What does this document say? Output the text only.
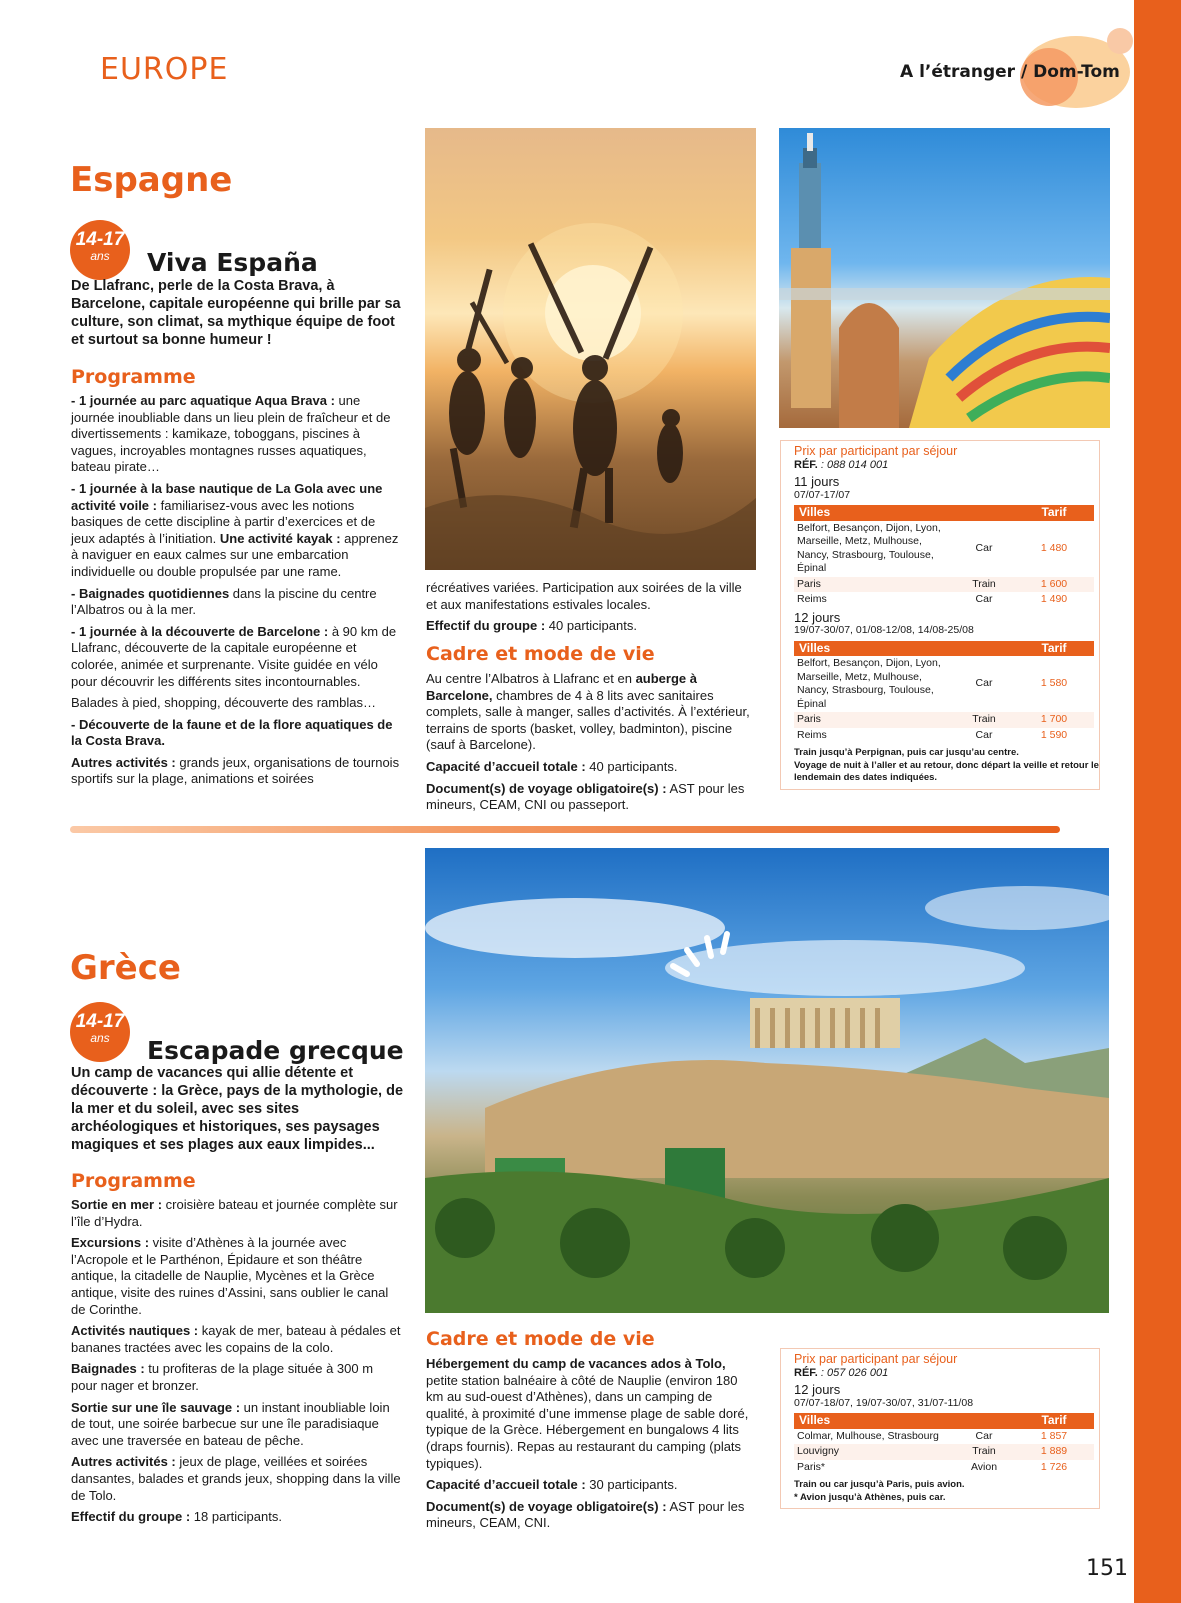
EUROPE	A l’étranger / Dom-Tom
Espagne
14-17
ans	Viva España
De Llafranc, perle de la Costa Brava, à Barcelone, capitale européenne qui brille par sa culture, son climat, sa mythique équipe de foot et surtout sa bonne humeur !
Programme

- 1 journée au parc aquatique Aqua Brava : une journée inoubliable dans un lieu plein de fraîcheur et de divertissements : kamikaze, toboggans, piscines à vagues, incroyables montagnes russes aquatiques, bateau pirate…

- 1 journée à la base nautique de La Gola avec une activité voile : familiarisez-vous avec les notions basiques de cette discipline à partir d’exercices et de jeux adaptés à l’initiation. Une activité kayak : apprenez à naviguer en eaux calmes sur une embarcation individuelle ou double propulsée par une rame.

- Baignades quotidiennes dans la piscine du centre l’Albatros ou à la mer.

- 1 journée à la découverte de Barcelone : à 90 km de Llafranc, découverte de la capitale européenne et colorée, animée et surprenante. Visite guidée en vélo pour découvrir les différents sites incontournables.

Balades à pied, shopping, découverte des ramblas…

- Découverte de la faune et de la flore aquatiques de la Costa Brava.

Autres activités : grands jeux, organisations de tournois sportifs sur la plage, animations et soirées

récréatives variées. Participation aux soirées de la ville et aux manifestations estivales locales.

Effectif du groupe : 40 participants.

Cadre et mode de vie

Au centre l’Albatros à Llafranc et en auberge à Barcelone, chambres de 4 à 8 lits avec sanitaires complets, salle à manger, salles d’activités. À l’extérieur, terrains de sports (basket, volley, badminton), piscine (sauf à Barcelone).

Capacité d’accueil totale : 40 participants.

Document(s) de voyage obligatoire(s) : AST pour les mineurs, CEAM, CNI ou passeport.

Prix par participant par séjour
RÉF. : 088 014 001
11 jours
07/07-17/07
Villes		Tarif
Belfort, Besançon, Dijon, Lyon, Marseille, Metz, Mulhouse, Nancy, Strasbourg, Toulouse, Épinal	Car	1 480
Paris	Train	1 600
Reims	Car	1 490
12 jours
19/07-30/07, 01/08-12/08, 14/08-25/08
Villes		Tarif
Belfort, Besançon, Dijon, Lyon, Marseille, Metz, Mulhouse, Nancy, Strasbourg, Toulouse, Épinal	Car	1 580
Paris	Train	1 700
Reims	Car	1 590
Train jusqu’à Perpignan, puis car jusqu’au centre.
Voyage de nuit à l’aller et au retour, donc départ la veille et retour le lendemain des dates indiquées.
Grèce
14-17
ans	Escapade grecque
Un camp de vacances qui allie détente et découverte : la Grèce, pays de la mythologie, de la mer et du soleil, avec ses sites archéologiques et historiques, ses paysages magiques et ses plages aux eaux limpides...
Programme

Sortie en mer : croisière bateau et journée complète sur l’île d’Hydra.

Excursions : visite d’Athènes à la journée avec l’Acropole et le Parthénon, Épidaure et son théâtre antique, la citadelle de Nauplie, Mycènes et la Grèce antique, visite des ruines d’Assini, sans oublier le canal de Corinthe.

Activités nautiques : kayak de mer, bateau à pédales et bananes tractées avec les copains de la colo.

Baignades : tu profiteras de la plage située à 300 m pour nager et bronzer.

Sortie sur une île sauvage : un instant inoubliable loin de tout, une soirée barbecue sur une île paradisiaque avec une traversée en bateau de pêche.

Autres activités : jeux de plage, veillées et soirées dansantes, balades et grands jeux, shopping dans la ville de Tolo.

Effectif du groupe : 18 participants.

Cadre et mode de vie

Hébergement du camp de vacances ados à Tolo, petite station balnéaire à côté de Nauplie (environ 180 km au sud-ouest d’Athènes), dans un camping de qualité, à proximité d’une immense plage de sable doré, typique de la Grèce. Hébergement en bungalows 4 lits (draps fournis). Repas au restaurant du camping (plats typiques).

Capacité d’accueil totale : 30 participants.

Document(s) de voyage obligatoire(s) : AST pour les mineurs, CEAM, CNI.

Prix par participant par séjour
RÉF. : 057 026 001
12 jours
07/07-18/07, 19/07-30/07, 31/07-11/08
Villes		Tarif
Colmar, Mulhouse, Strasbourg	Car	1 857
Louvigny	Train	1 889
Paris*	Avion	1 726
Train ou car jusqu’à Paris, puis avion.
* Avion jusqu’à Athènes, puis car.
151
